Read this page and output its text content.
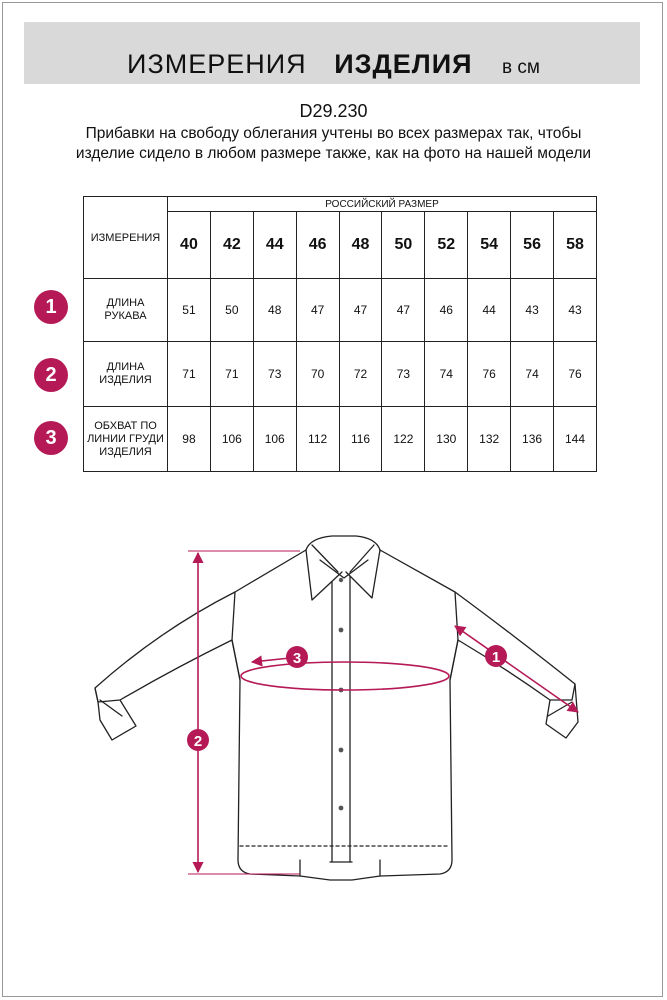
ИЗМЕРЕНИЯ ИЗДЕЛИЯ в см
D29.230
Прибавки на свободу облегания учтены во всех размерах так, чтобы изделие сидело в любом размере также, как на фото на нашей модели
ИЗМЕРЕНИЯ	РОССИЙСКИЙ РАЗМЕР									
	40	42	44	46	48	50	52	54	56	58
ДЛИНА РУКАВА	51	50	48	47	47	47	46	44	43	43
ДЛИНА ИЗДЕЛИЯ	71	71	73	70	72	73	74	76	74	76
ОБХВАТ ПО ЛИНИИ ГРУДИ ИЗДЕЛИЯ	98	106	106	112	116	122	130	132	136	144
1
2
3
2
3	1
